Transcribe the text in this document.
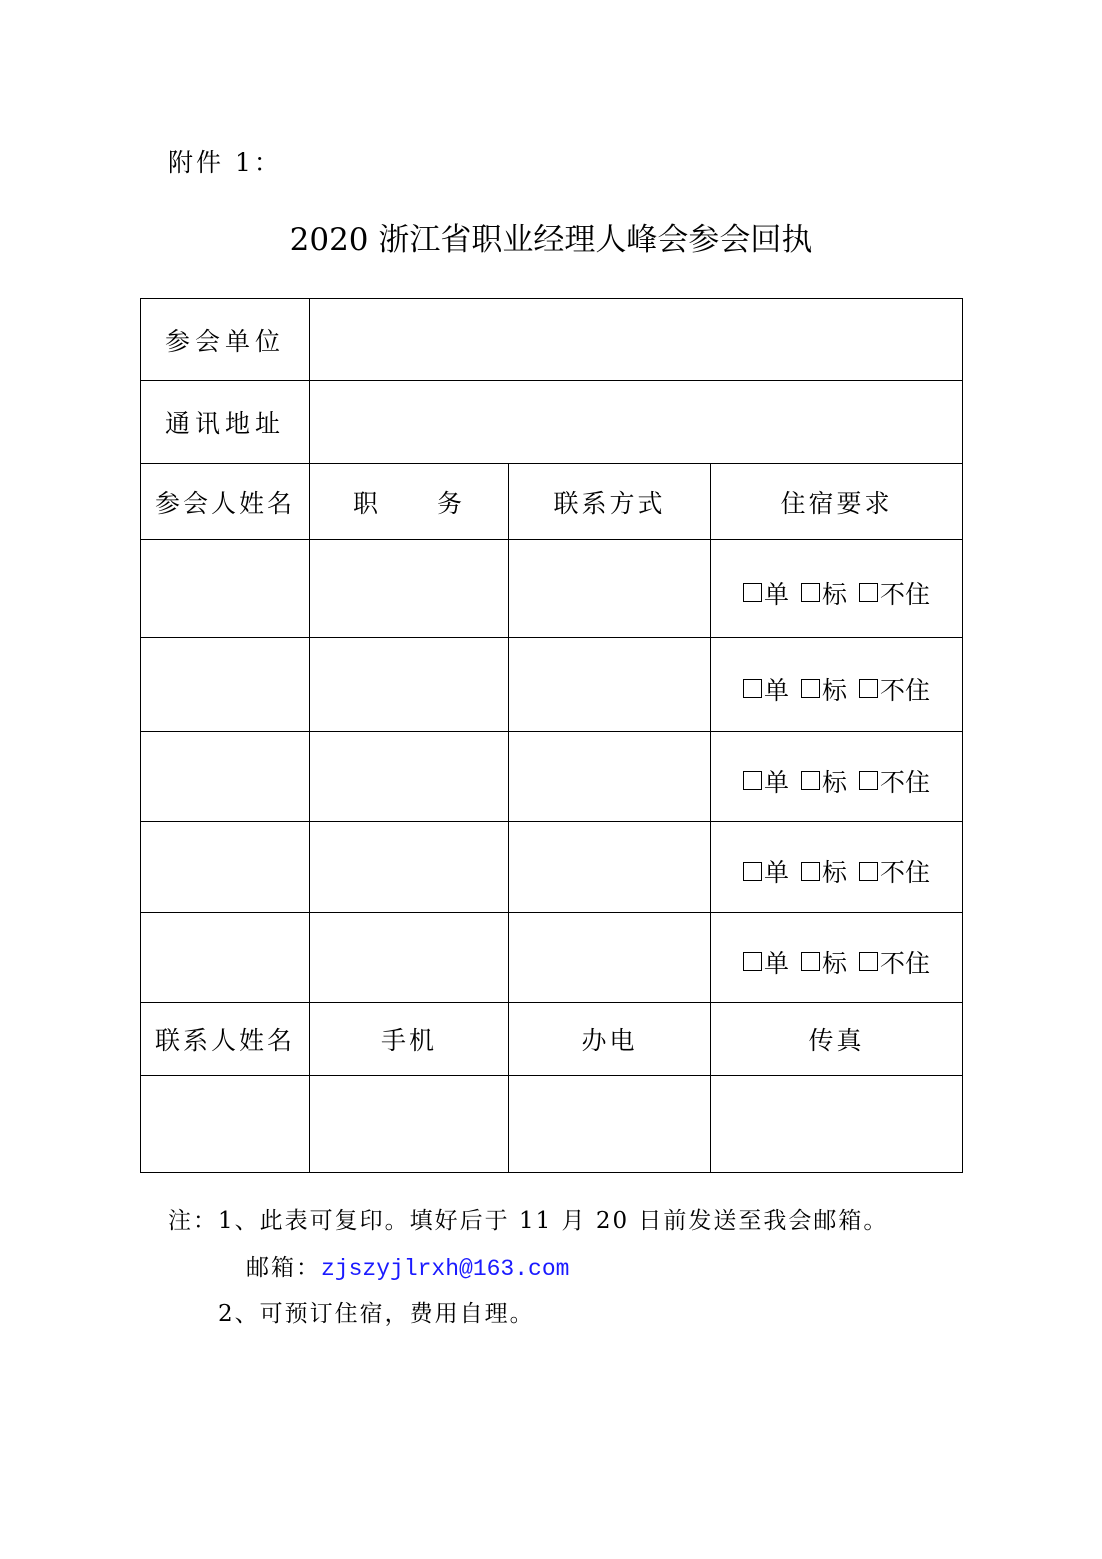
附件 1：
2020 浙江省职业经理人峰会参会回执
参会单位			
通讯地址			
参会人姓名	职　　务	联系方式	住宿要求

			单 标 不住

			单 标 不住

			单 标 不住

			单 标 不住

			单 标 不住

联系人姓名	手机	办电	传真

注：1、此表可复印。填好后于 11 月 20 日前发送至我会邮箱。
邮箱：zjszyjlrxh@163.com
2、可预订住宿，费用自理。
